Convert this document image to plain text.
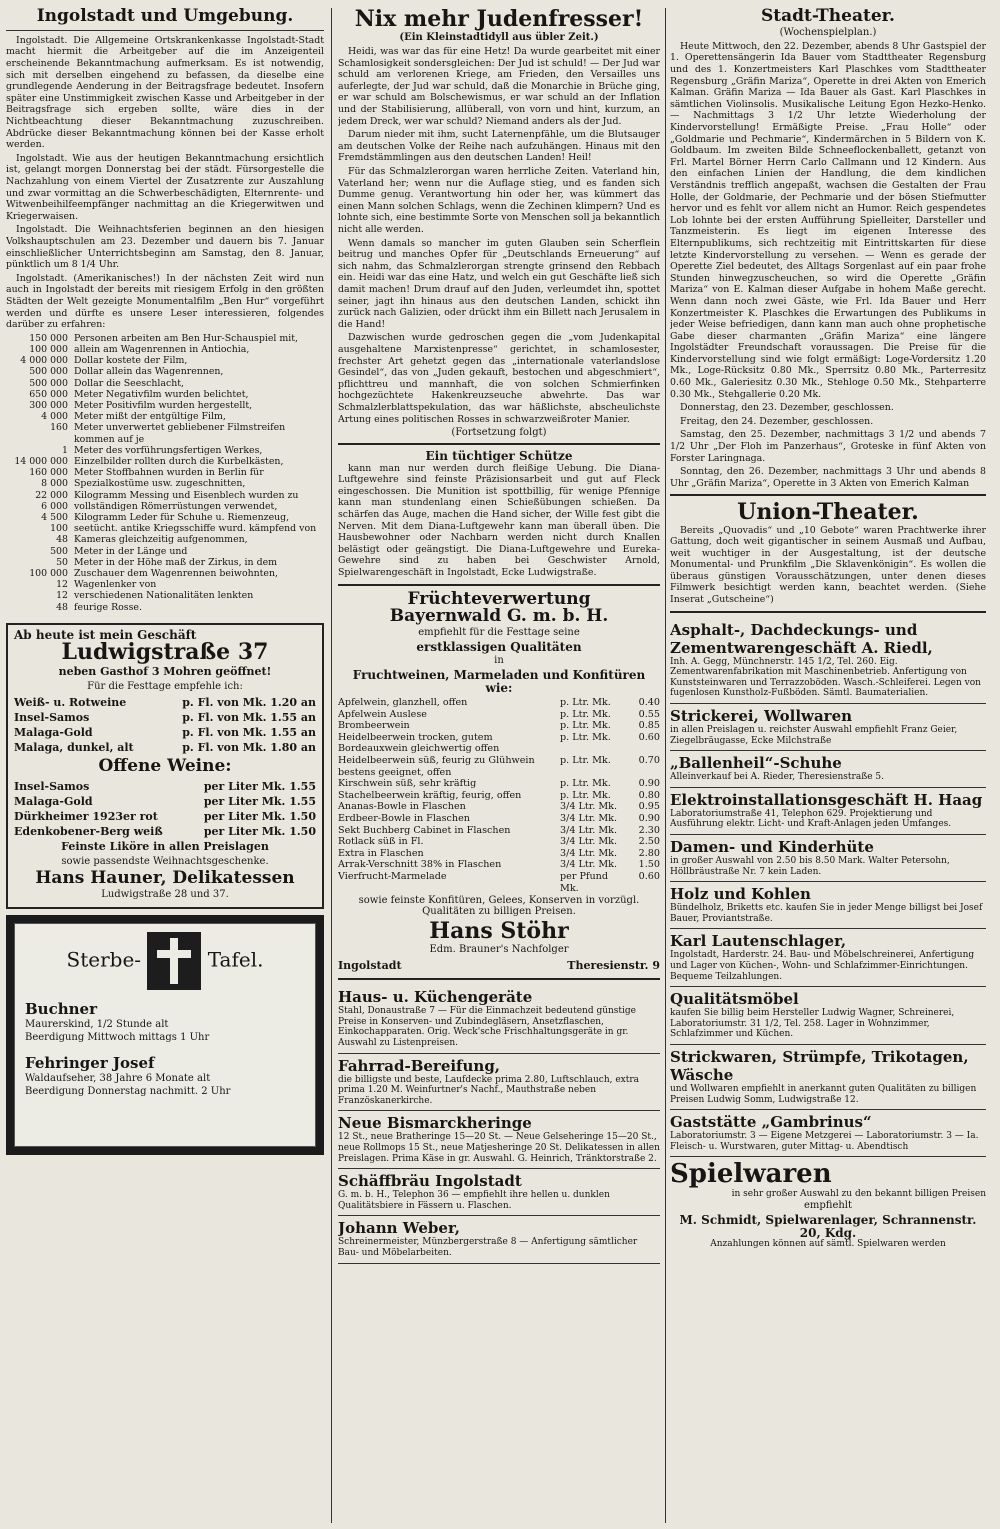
Ingolstadt und Umgebung.

Ingolstadt. Die Allgemeine Ortskrankenkasse Ingolstadt-Stadt macht hiermit die Arbeitgeber auf die im Anzeigenteil erscheinende Bekanntmachung aufmerksam. Es ist notwendig, sich mit derselben eingehend zu befassen, da dieselbe eine grundlegende Aenderung in der Beitragsfrage bedeutet. Insofern später eine Unstimmigkeit zwischen Kasse und Arbeitgeber in der Beitragsfrage sich ergeben sollte, wäre dies in der Nichtbeachtung dieser Bekanntmachung zuzuschreiben. Abdrücke dieser Bekanntmachung können bei der Kasse erholt werden.

Ingolstadt. Wie aus der heutigen Bekanntmachung ersichtlich ist, gelangt morgen Donnerstag bei der städt. Fürsorgestelle die Nachzahlung von einem Viertel der Zusatzrente zur Auszahlung und zwar vormittag an die Schwerbeschädigten, Elternrente- und Witwenbeihilfeempfänger nachmittag an die Kriegerwitwen und Kriegerwaisen.

Ingolstadt. Die Weihnachtsferien beginnen an den hiesigen Volkshauptschulen am 23. Dezember und dauern bis 7. Januar einschließlicher Unterrichtsbeginn am Samstag, den 8. Januar, pünktlich um 8 1/4 Uhr.

Ingolstadt. (Amerikanisches!) In der nächsten Zeit wird nun auch in Ingolstadt der bereits mit riesigem Erfolg in den größten Städten der Welt gezeigte Monumentalfilm „Ben Hur“ vorgeführt werden und dürfte es unsere Leser interessieren, folgendes darüber zu erfahren:

150 000 Personen arbeiten am Ben Hur-Schauspiel mit,
100 000 allein am Wagenrennen in Antiochia,
4 000 000 Dollar kostete der Film,
500 000 Dollar allein das Wagenrennen,
500 000 Dollar die Seeschlacht,
650 000 Meter Negativfilm wurden belichtet,
300 000 Meter Positivfilm wurden hergestellt,
4 000 Meter mißt der entgültige Film,
160 Meter unverwertet gebliebener Filmstreifen kommen auf je
1 Meter des vorführungsfertigen Werkes,
14 000 000 Einzelbilder rollten durch die Kurbelkästen,
160 000 Meter Stoffbahnen wurden in Berlin für
8 000 Spezialkostüme usw. zugeschnitten,
22 000 Kilogramm Messing und Eisenblech wurden zu
6 000 vollständigen Römerrüstungen verwendet,
4 500 Kilogramm Leder für Schuhe u. Riemenzeug,
100 seetücht. antike Kriegsschiffe wurd. kämpfend von
48 Kameras gleichzeitig aufgenommen,
500 Meter in der Länge und
50 Meter in der Höhe maß der Zirkus, in dem
100 000 Zuschauer dem Wagenrennen beiwohnten,
12 Wagenlenker von
12 verschiedenen Nationalitäten lenkten
48 feurige Rosse.
Ab heute ist mein Geschäft
Ludwigstraße 37
neben Gasthof 3 Mohren geöffnet!
Für die Festtage empfehle ich:
Weiß- u. Rotweine	p. Fl. von Mk. 1.20 an
Insel-Samos	p. Fl. von Mk. 1.55 an
Malaga-Gold	p. Fl. von Mk. 1.55 an
Malaga, dunkel, alt	p. Fl. von Mk. 1.80 an
Offene Weine:
Insel-Samos	per Liter Mk. 1.55
Malaga-Gold	per Liter Mk. 1.55
Dürkheimer 1923er rot	per Liter Mk. 1.50
Edenkobener-Berg weiß	per Liter Mk. 1.50
Feinste Liköre in allen Preislagen
sowie passendste Weihnachtsgeschenke.
Hans Hauner, Delikatessen
Ludwigstraße 28 und 37.
Sterbe-	Tafel.
Buchner
Maurerskind, 1/2 Stunde alt
Beerdigung Mittwoch mittags 1 Uhr
Fehringer Josef
Waldaufseher, 38 Jahre 6 Monate alt
Beerdigung Donnerstag nachmitt. 2 Uhr
Nix mehr Judenfresser!
(Ein Kleinstadtidyll aus übler Zeit.)

Heidi, was war das für eine Hetz! Da wurde gearbeitet mit einer Schamlosigkeit sondersgleichen: Der Jud ist schuld! — Der Jud war schuld am verlorenen Kriege, am Frieden, den Versailles uns auferlegte, der Jud war schuld, daß die Monarchie in Brüche ging, er war schuld am Bolschewismus, er war schuld an der Inflation und der Stabilisierung, allüberall, von vorn und hint, kurzum, an jedem Dreck, wer war schuld? Niemand anders als der Jud.

Darum nieder mit ihm, sucht Laternenpfähle, um die Blutsauger am deutschen Volke der Reihe nach aufzuhängen. Hinaus mit den Fremdstämmlingen aus den deutschen Landen! Heil!

Für das Schmalzlerorgan waren herrliche Zeiten. Vaterland hin, Vaterland her; wenn nur die Auflage stieg, und es fanden sich Dumme genug. Verantwortung hin oder her, was kümmert das einen Mann solchen Schlags, wenn die Zechinen klimpern? Und es lohnte sich, eine bestimmte Sorte von Menschen soll ja bekanntlich nicht alle werden.

Wenn damals so mancher im guten Glauben sein Scherflein beitrug und manches Opfer für „Deutschlands Erneuerung“ auf sich nahm, das Schmalzlerorgan strengte grinsend den Rebbach ein. Heidi war das eine Hatz, und welch ein gut Geschäfte ließ sich damit machen! Drum drauf auf den Juden, verleumdet ihn, spottet seiner, jagt ihn hinaus aus den deutschen Landen, schickt ihn zurück nach Galizien, oder drückt ihm ein Billett nach Jerusalem in die Hand!

Dazwischen wurde gedroschen gegen die „vom Judenkapital ausgehaltene Marxistenpresse“ gerichtet, in schamlosester, frechster Art gehetzt gegen das „internationale vaterlandslose Gesindel“, das von „Juden gekauft, bestochen und abgeschmiert“, pflichttreu und mannhaft, die von solchen Schmierfinken hochgezüchtete Hakenkreuzseuche abwehrte. Das war Schmalzlerblattspekulation, das war häßlichste, abscheulichste Artung eines politischen Rosses in schwarzweißroter Manier.

(Fortsetzung folgt)
Ein tüchtiger Schütze

kann man nur werden durch fleißige Uebung. Die Diana-Luftgewehre sind feinste Präzisionsarbeit und gut auf Fleck eingeschossen. Die Munition ist spottbillig, für wenige Pfennige kann man stundenlang einen Schießübungen schießen. Da schärfen das Auge, machen die Hand sicher, der Wille fest gibt die Nerven. Mit dem Diana-Luftgewehr kann man überall üben. Die Hausbewohner oder Nachbarn werden nicht durch Knallen belästigt oder geängstigt. Die Diana-Luftgewehre und Eureka-Gewehre sind zu haben bei Geschwister Arnold, Spielwarengeschäft in Ingolstadt, Ecke Ludwigstraße.

Früchteverwertung
Bayernwald G. m. b. H.
empfiehlt für die Festtage seine
erstklassigen Qualitäten
in
Fruchtweinen, Marmeladen und Konfitüren wie:
Apfelwein, glanzhell, offen	p. Ltr. Mk.	0.40
Apfelwein Auslese	p. Ltr. Mk.	0.55
Brombeerwein	p. Ltr. Mk.	0.85
Heidelbeerwein trocken, gutem Bordeauxwein gleichwertig offen
p. Ltr. Mk.	0.60
Heidelbeerwein süß, feurig zu Glühwein bestens geeignet, offen
p. Ltr. Mk.	0.70
Kirschwein süß, sehr kräftig	p. Ltr. Mk.	0.90
Stachelbeerwein kräftig, feurig, offen	p. Ltr. Mk.	0.80
Ananas-Bowle in Flaschen	3/4 Ltr. Mk.	0.95
Erdbeer-Bowle in Flaschen	3/4 Ltr. Mk.	0.90
Sekt Buchberg Cabinet in Flaschen	3/4 Ltr. Mk.	2.30
Rotlack süß in Fl.	3/4 Ltr. Mk.	2.50
Extra in Flaschen	3/4 Ltr. Mk.	2.80
Arrak-Verschnitt 38% in Flaschen	3/4 Ltr. Mk.	1.50
Vierfrucht-Marmelade	per Pfund Mk.
0.60
sowie feinste Konfitüren, Gelees, Konserven in vorzügl. Qualitäten zu billigen Preisen.
Hans Stöhr
Edm. Brauner's Nachfolger
Ingolstadt	Theresienstr. 9
Haus- u. Küchengeräte
Stahl, Donaustraße 7 — Für die Einmachzeit bedeutend günstige Preise in Konserven- und Zubindegläsern, Ansetzflaschen, Einkochapparaten. Orig. Weck'sche Frischhaltungsgeräte in gr. Auswahl zu Listenpreisen.
Fahrrad-Bereifung,
die billigste und beste, Laufdecke prima 2.80, Luftschlauch, extra prima 1.20 M. Weinfurtner's Nachf., Mauthstraße neben Französkanerkirche.
Neue Bismarckheringe
12 St., neue Bratheringe 15—20 St. — Neue Gelseheringe 15—20 St., neue Rollmops 15 St., neue Matjesheringe 20 St. Delikatessen in allen Preislagen. Prima Käse in gr. Auswahl. G. Heinrich, Tränktorstraße 2.
Schäffbräu Ingolstadt
G. m. b. H., Telephon 36 — empfiehlt ihre hellen u. dunklen Qualitätsbiere in Fässern u. Flaschen.
Johann Weber,
Schreinermeister, Münzbergerstraße 8 — Anfertigung sämtlicher Bau- und Möbelarbeiten.
Stadt-Theater.
(Wochenspielplan.)

Heute Mittwoch, den 22. Dezember, abends 8 Uhr Gastspiel der 1. Operettensängerin Ida Bauer vom Stadttheater Regensburg und des 1. Konzertmeisters Karl Plaschkes vom Stadttheater Regensburg „Gräfin Mariza“, Operette in drei Akten von Emerich Kalman. Gräfin Mariza — Ida Bauer als Gast. Karl Plaschkes in sämtlichen Violinsolis. Musikalische Leitung Egon Hezko-Henko. — Nachmittags 3 1/2 Uhr letzte Wiederholung der Kindervorstellung! Ermäßigte Preise. „Frau Holle“ oder „Goldmarie und Pechmarie“, Kindermärchen in 5 Bildern von K. Goldbaum. Im zweiten Bilde Schneeflockenballett, getanzt von Frl. Martel Börner Herrn Carlo Callmann und 12 Kindern. Aus den einfachen Linien der Handlung, die dem kindlichen Verständnis trefflich angepaßt, wachsen die Gestalten der Frau Holle, der Goldmarie, der Pechmarie und der bösen Stiefmutter hervor und es fehlt vor allem nicht an Humor. Reich gespendetes Lob lohnte bei der ersten Aufführung Spielleiter, Darsteller und Tanzmeisterin. Es liegt im eigenen Interesse des Elternpublikums, sich rechtzeitig mit Eintrittskarten für diese letzte Kindervorstellung zu versehen. — Wenn es gerade der Operette Ziel bedeutet, des Alltags Sorgenlast auf ein paar frohe Stunden hinwegzuscheuchen, so wird die Operette „Gräfin Mariza“ von E. Kalman dieser Aufgabe in hohem Maße gerecht. Wenn dann noch zwei Gäste, wie Frl. Ida Bauer und Herr Konzertmeister K. Plaschkes die Erwartungen des Publikums in jeder Weise befriedigen, dann kann man auch ohne prophetische Gabe dieser charmanten „Gräfin Mariza“ eine längere Ingolstädter Freundschaft voraussagen. Die Preise für die Kindervorstellung sind wie folgt ermäßigt: Loge-Vordersitz 1.20 Mk., Loge-Rücksitz 0.80 Mk., Sperrsitz 0.80 Mk., Parterresitz 0.60 Mk., Galeriesitz 0.30 Mk., Stehloge 0.50 Mk., Stehparterre 0.30 Mk., Stehgallerie 0.20 Mk.

Donnerstag, den 23. Dezember, geschlossen.

Freitag, den 24. Dezember, geschlossen.

Samstag, den 25. Dezember, nachmittags 3 1/2 und abends 7 1/2 Uhr „Der Floh im Panzerhaus“, Groteske in fünf Akten von Forster Laringnaga.

Sonntag, den 26. Dezember, nachmittags 3 Uhr und abends 8 Uhr „Gräfin Mariza“, Operette in 3 Akten von Emerich Kalman

Union-Theater.

Bereits „Quovadis“ und „10 Gebote“ waren Prachtwerke ihrer Gattung, doch weit gigantischer in seinem Ausmaß und Aufbau, weit wuchtiger in der Ausgestaltung, ist der deutsche Monumental- und Prunkfilm „Die Sklavenkönigin“. Es wollen die überaus günstigen Vorausschätzungen, unter denen dieses Filmwerk besichtigt werden kann, beachtet werden. (Siehe Inserat „Gutscheine“)

Asphalt-, Dachdeckungs- und Zementwarengeschäft A. Riedl,
Inh. A. Gegg, Münchnerstr. 145 1/2, Tel. 260. Eig. Zementwarenfabrikation mit Maschinenbetrieb. Anfertigung von Kunststeinwaren und Terrazzoböden. Wasch.-Schleiferei. Legen von fugenlosen Kunstholz-Fußböden. Sämtl. Baumaterialien.
Strickerei, Wollwaren
in allen Preislagen u. reichster Auswahl empfiehlt Franz Geier, Ziegelbräugasse, Ecke Milchstraße
„Ballenheil“-Schuhe
Alleinverkauf bei A. Rieder, Theresienstraße 5.
Elektroinstallationsgeschäft H. Haag
Laboratoriumstraße 41, Telephon 629. Projektierung und Ausführung elektr. Licht- und Kraft-Anlagen jeden Umfanges.
Damen- und Kinderhüte
in großer Auswahl von 2.50 bis 8.50 Mark. Walter Petersohn, Höllbräustraße Nr. 7 kein Laden.
Holz und Kohlen
Bündelholz, Briketts etc. kaufen Sie in jeder Menge billigst bei Josef Bauer, Proviantstraße.
Karl Lautenschlager,
Ingolstadt, Harderstr. 24. Bau- und Möbelschreinerei, Anfertigung und Lager von Küchen-, Wohn- und Schlafzimmer-Einrichtungen. Bequeme Teilzahlungen.
Qualitätsmöbel
kaufen Sie billig beim Hersteller Ludwig Wagner, Schreinerei, Laboratoriumstr. 31 1/2, Tel. 258. Lager in Wohnzimmer, Schlafzimmer und Küchen.
Strickwaren, Strümpfe, Trikotagen, Wäsche
und Wollwaren empfiehlt in anerkannt guten Qualitäten zu billigen Preisen Ludwig Somm, Ludwigstraße 12.
Gaststätte „Gambrinus“
Laboratoriumstr. 3 — Eigene Metzgerei — Laboratoriumstr. 3 — Ia. Fleisch- u. Wurstwaren, guter Mittag- u. Abendtisch
Spielwaren
in sehr großer Auswahl zu den bekannt billigen Preisen
empfiehlt
M. Schmidt, Spielwarenlager, Schrannenstr. 20, Kdg.
Anzahlungen können auf sämtl. Spielwaren werden
